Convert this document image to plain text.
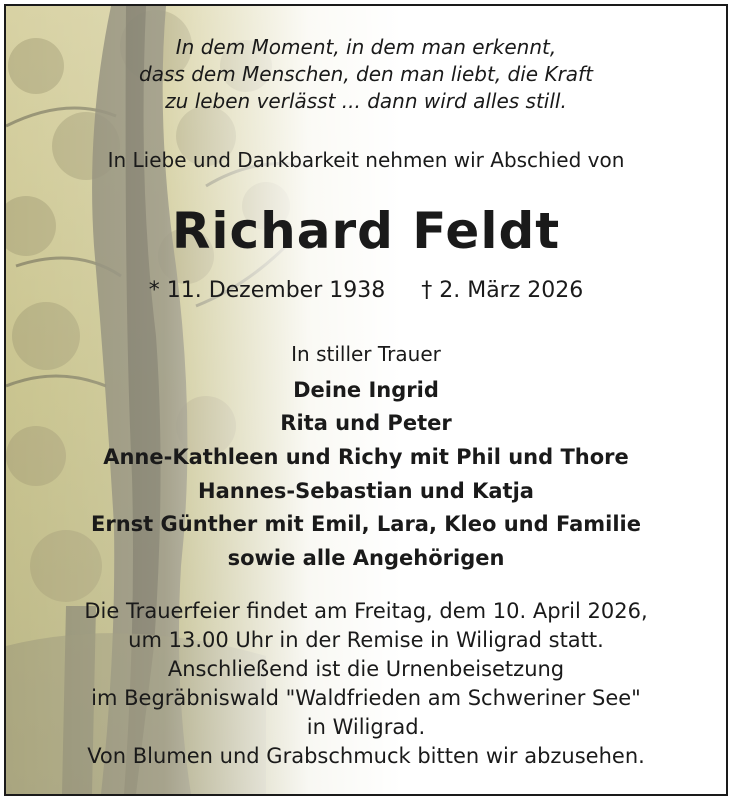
In dem Moment, in dem man erkennt,
dass dem Menschen, den man liebt, die Kraft
zu leben verlässt ... dann wird alles still.
In Liebe und Dankbarkeit nehmen wir Abschied von
Richard Feldt
* 11. Dezember 1938 † 2. März 2026
In stiller Trauer
Deine Ingrid
Rita und Peter
Anne-Kathleen und Richy mit Phil und Thore
Hannes-Sebastian und Katja
Ernst Günther mit Emil, Lara, Kleo und Familie
sowie alle Angehörigen
Die Trauerfeier findet am Freitag, dem 10. April 2026,
um 13.00 Uhr in der Remise in Wiligrad statt.
Anschließend ist die Urnenbeisetzung
im Begräbniswald "Waldfrieden am Schweriner See"
in Wiligrad.
Von Blumen und Grabschmuck bitten wir abzusehen.
